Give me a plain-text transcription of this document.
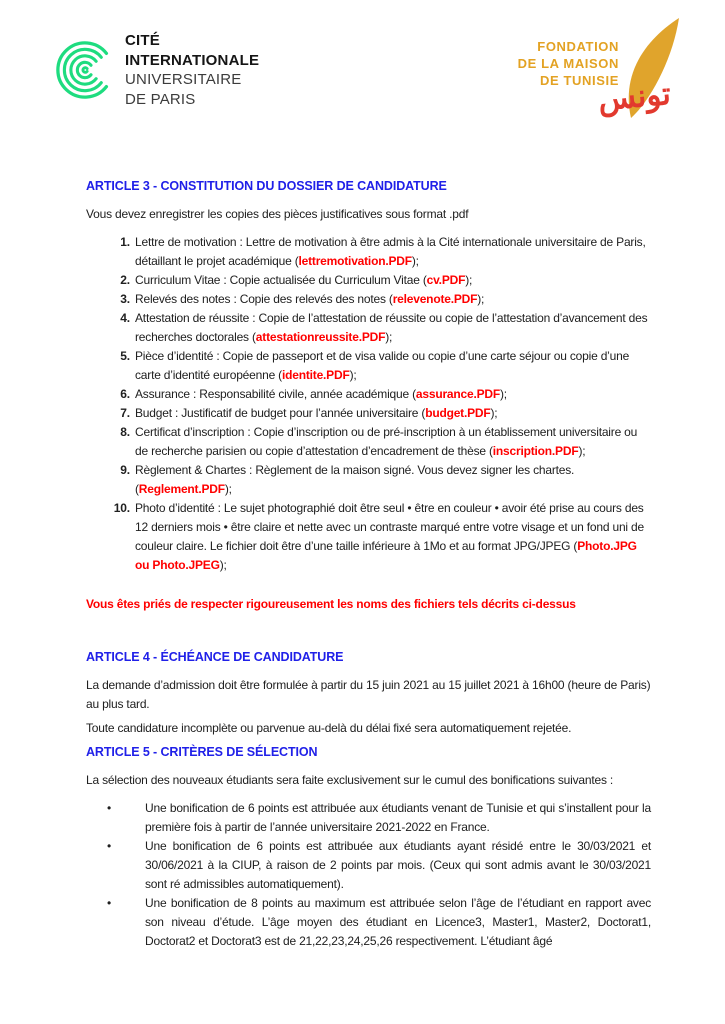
CITÉ
INTERNATIONALE
UNIVERSITAIRE
DE PARIS
FONDATION
DE LA MAISON
DE TUNISIE
تونس
ARTICLE 3 - CONSTITUTION DU DOSSIER DE CANDIDATURE

Vous devez enregistrer les copies des pièces justificatives sous format .pdf

1. Lettre de motivation : Lettre de motivation à être admis à la Cité internationale universitaire de Paris, détaillant le projet académique (lettremotivation.PDF);
2. Curriculum Vitae : Copie actualisée du Curriculum Vitae (cv.PDF);
3. Relevés des notes : Copie des relevés des notes (relevenote.PDF);
4. Attestation de réussite : Copie de l’attestation de réussite ou copie de l’attestation d’avancement des recherches doctorales (attestationreussite.PDF);
5. Pièce d’identité : Copie de passeport et de visa valide ou copie d’une carte séjour ou copie d’une carte d’identité européenne (identite.PDF);
6. Assurance : Responsabilité civile, année académique (assurance.PDF);
7. Budget : Justificatif de budget pour l’année universitaire (budget.PDF);
8. Certificat d’inscription : Copie d’inscription ou de pré-inscription à un établissement universitaire ou de recherche parisien ou copie d’attestation d’encadrement de thèse (inscription.PDF);
9. Règlement & Chartes : Règlement de la maison signé. Vous devez signer les chartes. (Reglement.PDF);
10. Photo d’identité : Le sujet photographié doit être seul • être en couleur • avoir été prise au cours des 12 derniers mois • être claire et nette avec un contraste marqué entre votre visage et un fond uni de couleur claire. Le fichier doit être d’une taille inférieure à 1Mo et au format JPG/JPEG (Photo.JPG ou Photo.JPEG);

Vous êtes priés de respecter rigoureusement les noms des fichiers tels décrits ci-dessus

ARTICLE 4 - ÉCHÉANCE DE CANDIDATURE

La demande d’admission doit être formulée à partir du 15 juin 2021 au 15 juillet 2021 à 16h00 (heure de Paris) au plus tard.

Toute candidature incomplète ou parvenue au-delà du délai fixé sera automatiquement rejetée.

ARTICLE 5 - CRITÈRES DE SÉLECTION

La sélection des nouveaux étudiants sera faite exclusivement sur le cumul des bonifications suivantes :

•	Une bonification de 6 points est attribuée aux étudiants venant de Tunisie et qui s’installent pour la première fois à partir de l’année universitaire 2021-2022 en France.
•	Une bonification de 6 points est attribuée aux étudiants ayant résidé entre le 30/03/2021 et 30/06/2021 à la CIUP, à raison de 2 points par mois. (Ceux qui sont admis avant le 30/03/2021 sont ré admissibles automatiquement).
•	Une bonification de 8 points au maximum est attribuée selon l’âge de l’étudiant en rapport avec son niveau d’étude. L’âge moyen des étudiant en Licence3, Master1, Master2, Doctorat1, Doctorat2 et Doctorat3 est de 21,22,23,24,25,26 respectivement. L’étudiant âgé
